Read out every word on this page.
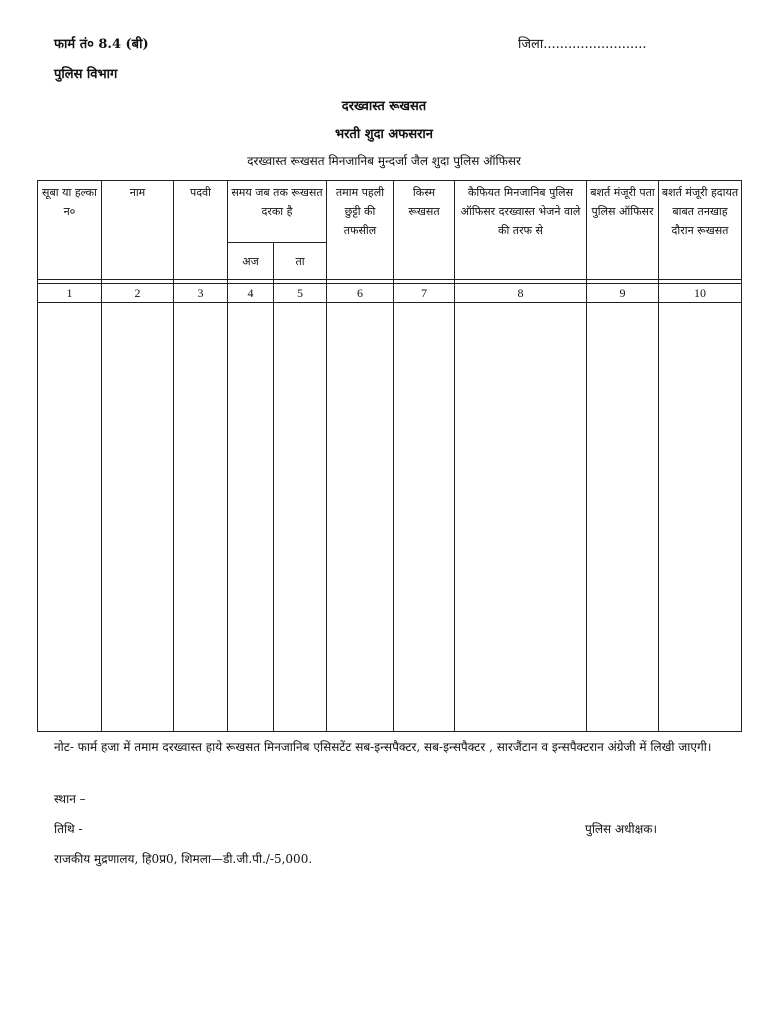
फार्म तं० 8.4 (बी)	जिला.........................
पुलिस विभाग
दरख्वास्त रूखसत
भरती शुदा अफसरान
दरख्वास्त रूखसत मिनजानिब मुन्दर्जा जैल शुदा पुलिस ऑफिसर
सूबा या हल्का न०	नाम	पदवी	समय जब तक रूखसत दरका है		तमाम पहली छुट्टी की तफसील	किस्म रूखसत	कैफियत मिनजानिब पुलिस ऑफिसर दरख्वास्त भेजने वाले की तरफ से	बशर्त मंजूरी पता पुलिस ऑफिसर	बशर्त मंजूरी हदायत बाबत तनखाह दौरान रूखसत
			अज	ता					

1	2	3	4	5	6	7	8	9	10

नोट- फार्म हजा में तमाम दरख्वास्त हाये रूखसत मिनजानिब एसिसटेंट सब-इन्सपैक्टर, सब-इन्सपैक्टर , सारजैंटान व इन्सपैक्टरान अंग्रेजी में लिखी जाएगी।
स्थान –
तिथि -	पुलिस अधीक्षक।
राजकीय मुद्रणालय, हि0प्र0, शिमला—डी.जी.पी./-5,000.
